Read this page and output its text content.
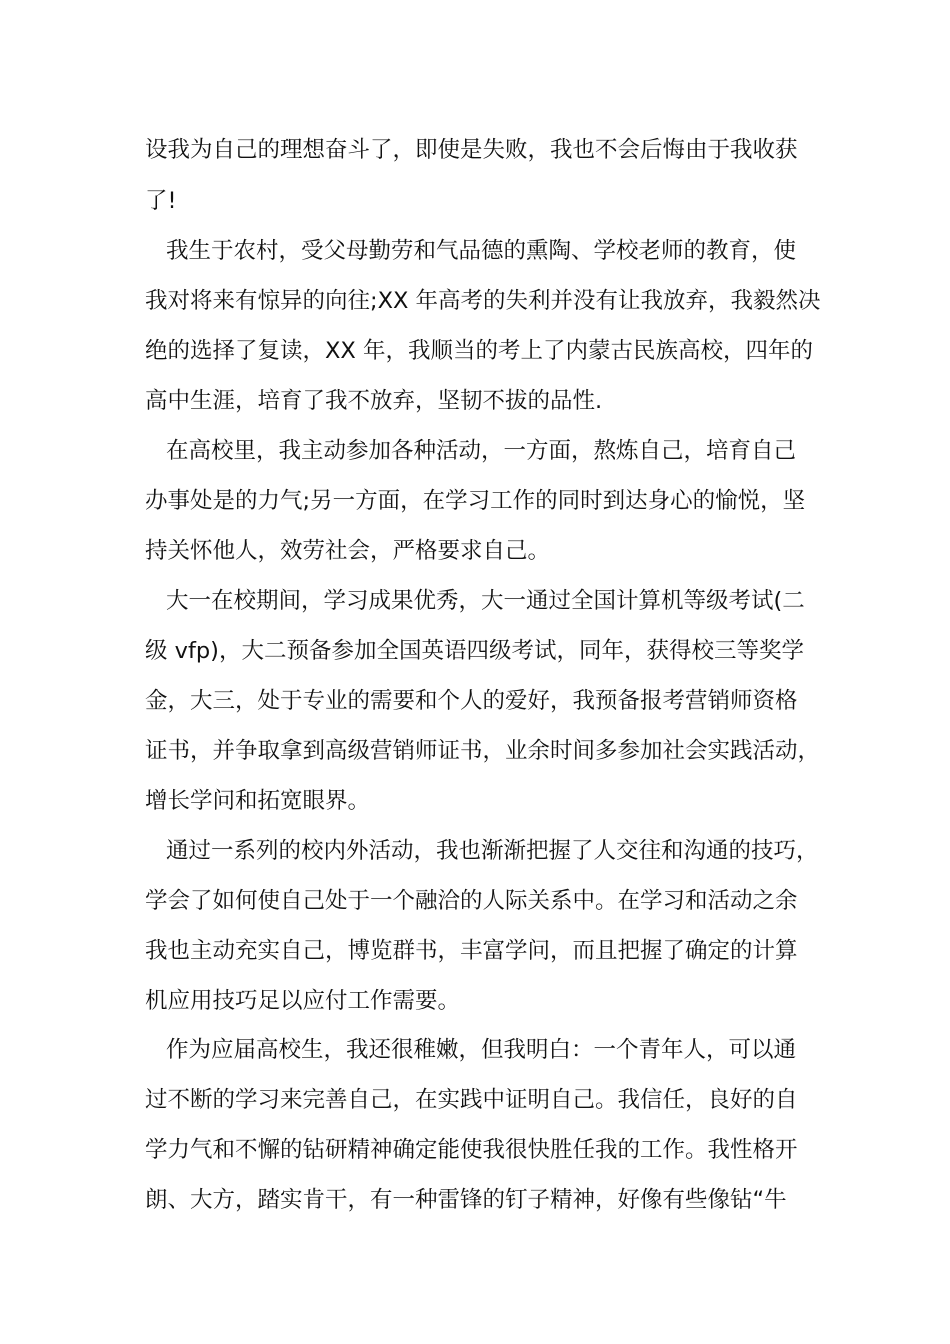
设我为自己的理想奋斗了，即使是失败，我也不会后悔由于我收获

了!

我生于农村，受父母勤劳和气品德的熏陶、学校老师的教育，使

我对将来有惊异的向往;XX 年高考的失利并没有让我放弃，我毅然决

绝的选择了复读，XX 年，我顺当的考上了内蒙古民族高校，四年的

高中生涯，培育了我不放弃，坚韧不拔的品性.

在高校里，我主动参加各种活动，一方面，熬炼自己，培育自己

办事处是的力气;另一方面，在学习工作的同时到达身心的愉悦，坚

持关怀他人，效劳社会，严格要求自己。

大一在校期间，学习成果优秀，大一通过全国计算机等级考试(二

级 vfp)，大二预备参加全国英语四级考试，同年，获得校三等奖学

金，大三，处于专业的需要和个人的爱好，我预备报考营销师资格

证书，并争取拿到高级营销师证书，业余时间多参加社会实践活动，

增长学问和拓宽眼界。

通过一系列的校内外活动，我也渐渐把握了人交往和沟通的技巧，

学会了如何使自己处于一个融洽的人际关系中。在学习和活动之余

我也主动充实自己，博览群书，丰富学问，而且把握了确定的计算

机应用技巧足以应付工作需要。

作为应届高校生，我还很稚嫩，但我明白：一个青年人，可以通

过不断的学习来完善自己，在实践中证明自己。我信任，良好的自

学力气和不懈的钻研精神确定能使我很快胜任我的工作。我性格开

朗、大方，踏实肯干，有一种雷锋的钉子精神，好像有些像钻“牛
